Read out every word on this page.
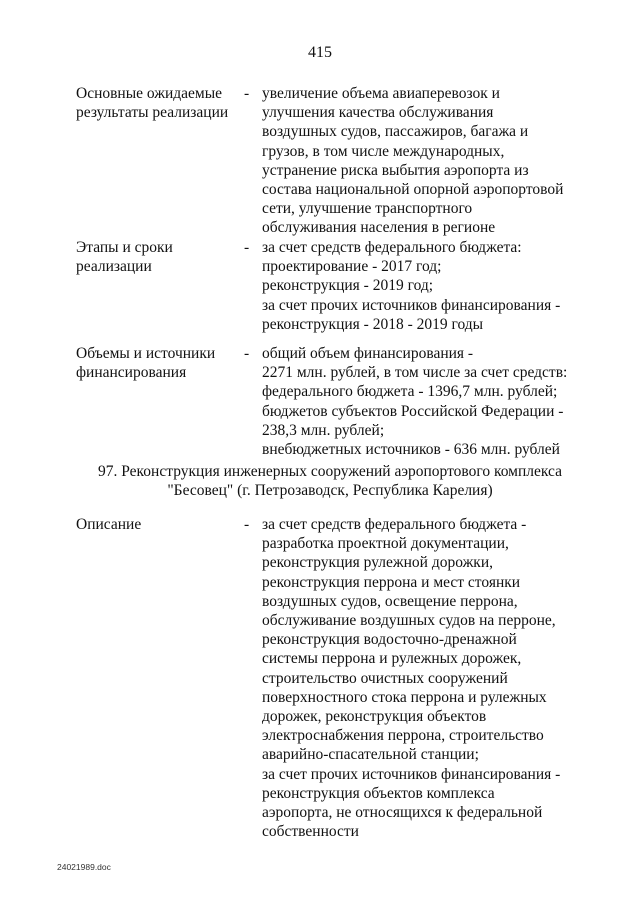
415
Основные ожидаемые
результаты реализации
- увеличение объема авиаперевозок и
улучшения качества обслуживания
воздушных судов, пассажиров, багажа и
грузов, в том числе международных,
устранение риска выбытия аэропорта из
состава национальной опорной аэропортовой
сети, улучшение транспортного
обслуживания населения в регионе
Этапы и сроки
реализации
- за счет средств федерального бюджета:
проектирование - 2017 год;
реконструкция - 2019 год;
за счет прочих источников финансирования -
реконструкция - 2018 - 2019 годы
Объемы и источники
финансирования
- общий объем финансирования -
2271 млн. рублей, в том числе за счет средств:
федерального бюджета - 1396,7 млн. рублей;
бюджетов субъектов Российской Федерации -
238,3 млн. рублей;
внебюджетных источников - 636 млн. рублей
97. Реконструкция инженерных сооружений аэропортового комплекса
"Бесовец" (г. Петрозаводск, Республика Карелия)
Описание	- за счет средств федерального бюджета -
разработка проектной документации,
реконструкция рулежной дорожки,
реконструкция перрона и мест стоянки
воздушных судов, освещение перрона,
обслуживание воздушных судов на перроне,
реконструкция водосточно-дренажной
системы перрона и рулежных дорожек,
строительство очистных сооружений
поверхностного стока перрона и рулежных
дорожек, реконструкция объектов
электроснабжения перрона, строительство
аварийно-спасательной станции;
за счет прочих источников финансирования -
реконструкция объектов комплекса
аэропорта, не относящихся к федеральной
собственности
24021989.doc
